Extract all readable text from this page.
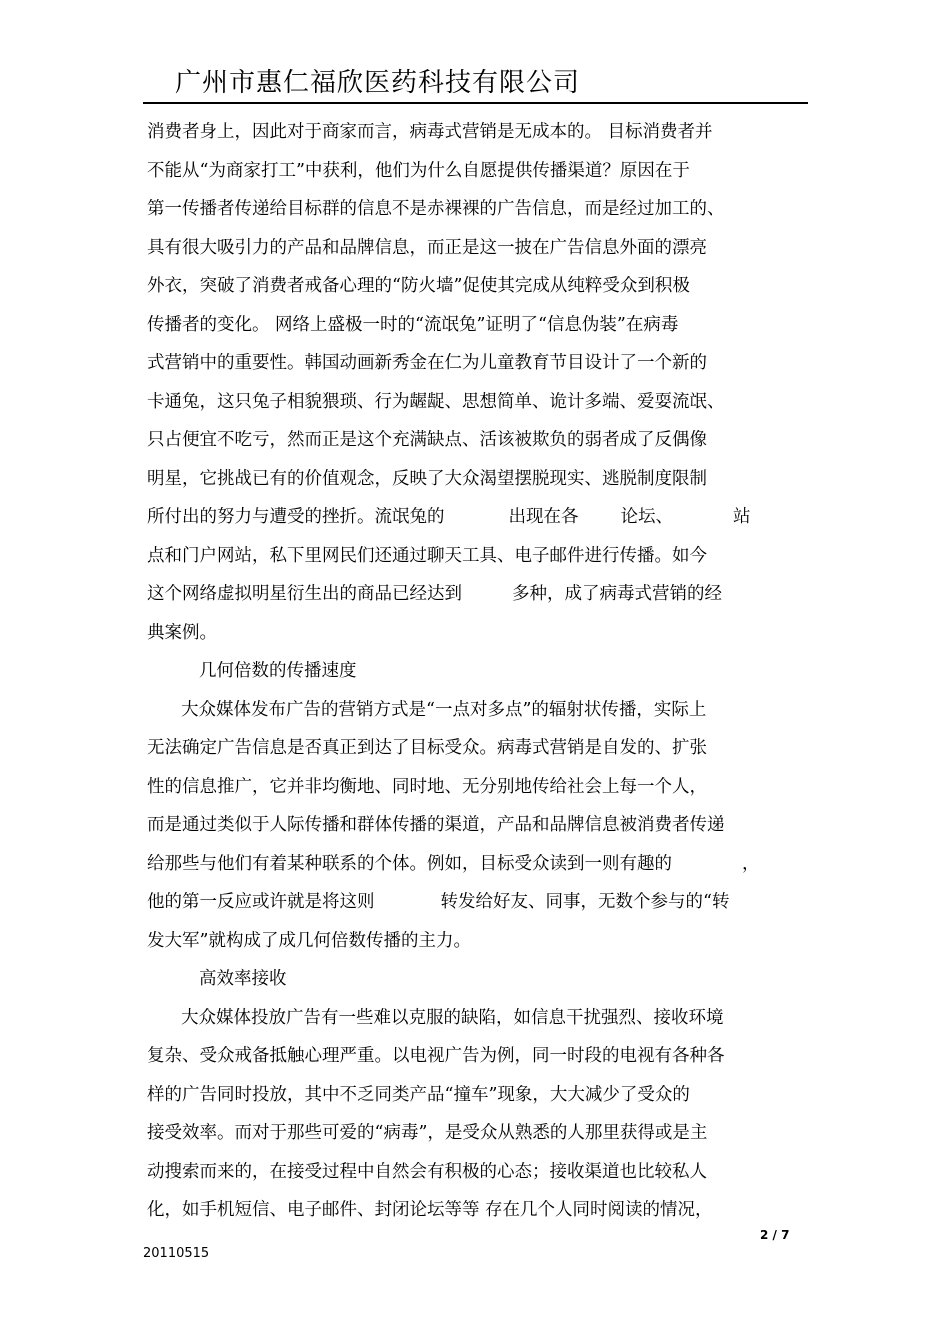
广州市惠仁福欣医药科技有限公司
消费者身上，因此对于商家而言，病毒式营销是无成本的。 目标消费者并
不能从“为商家打工”中获利，他们为什么自愿提供传播渠道？原因在于
第一传播者传递给目标群的信息不是赤裸裸的广告信息，而是经过加工的、
具有很大吸引力的产品和品牌信息，而正是这一披在广告信息外面的漂亮
外衣，突破了消费者戒备心理的“防火墙”促使其完成从纯粹受众到积极
传播者的变化。 网络上盛极一时的“流氓兔”证明了“信息伪装”在病毒
式营销中的重要性。韩国动画新秀金在仁为儿童教育节目设计了一个新的
卡通兔，这只兔子相貌猥琐、行为龌龊、思想简单、诡计多端、爱耍流氓、
只占便宜不吃亏，然而正是这个充满缺点、活该被欺负的弱者成了反偶像
明星，它挑战已有的价值观念，反映了大众渴望摆脱现实、逃脱制度限制
所付出的努力与遭受的挫折。流氓兔的	出现在各 论坛、	站
点和门户网站，私下里网民们还通过聊天工具、电子邮件进行传播。如今
这个网络虚拟明星衍生出的商品已经达到	多种，成了病毒式营销的经
典案例。
几何倍数的传播速度
大众媒体发布广告的营销方式是“一点对多点”的辐射状传播，实际上
无法确定广告信息是否真正到达了目标受众。病毒式营销是自发的、扩张
性的信息推广，它并非均衡地、同时地、无分别地传给社会上每一个人，
而是通过类似于人际传播和群体传播的渠道，产品和品牌信息被消费者传递
给那些与他们有着某种联系的个体。例如，目标受众读到一则有趣的	，
他的第一反应或许就是将这则	转发给好友、同事，无数个参与的“转
发大军”就构成了成几何倍数传播的主力。
高效率接收
大众媒体投放广告有一些难以克服的缺陷，如信息干扰强烈、接收环境
复杂、受众戒备抵触心理严重。以电视广告为例，同一时段的电视有各种各
样的广告同时投放，其中不乏同类产品“撞车”现象，大大减少了受众的
接受效率。而对于那些可爱的“病毒”，是受众从熟悉的人那里获得或是主
动搜索而来的，在接受过程中自然会有积极的心态；接收渠道也比较私人
化，如手机短信、电子邮件、封闭论坛等等 存在几个人同时阅读的情况，
2 / 7
20110515
